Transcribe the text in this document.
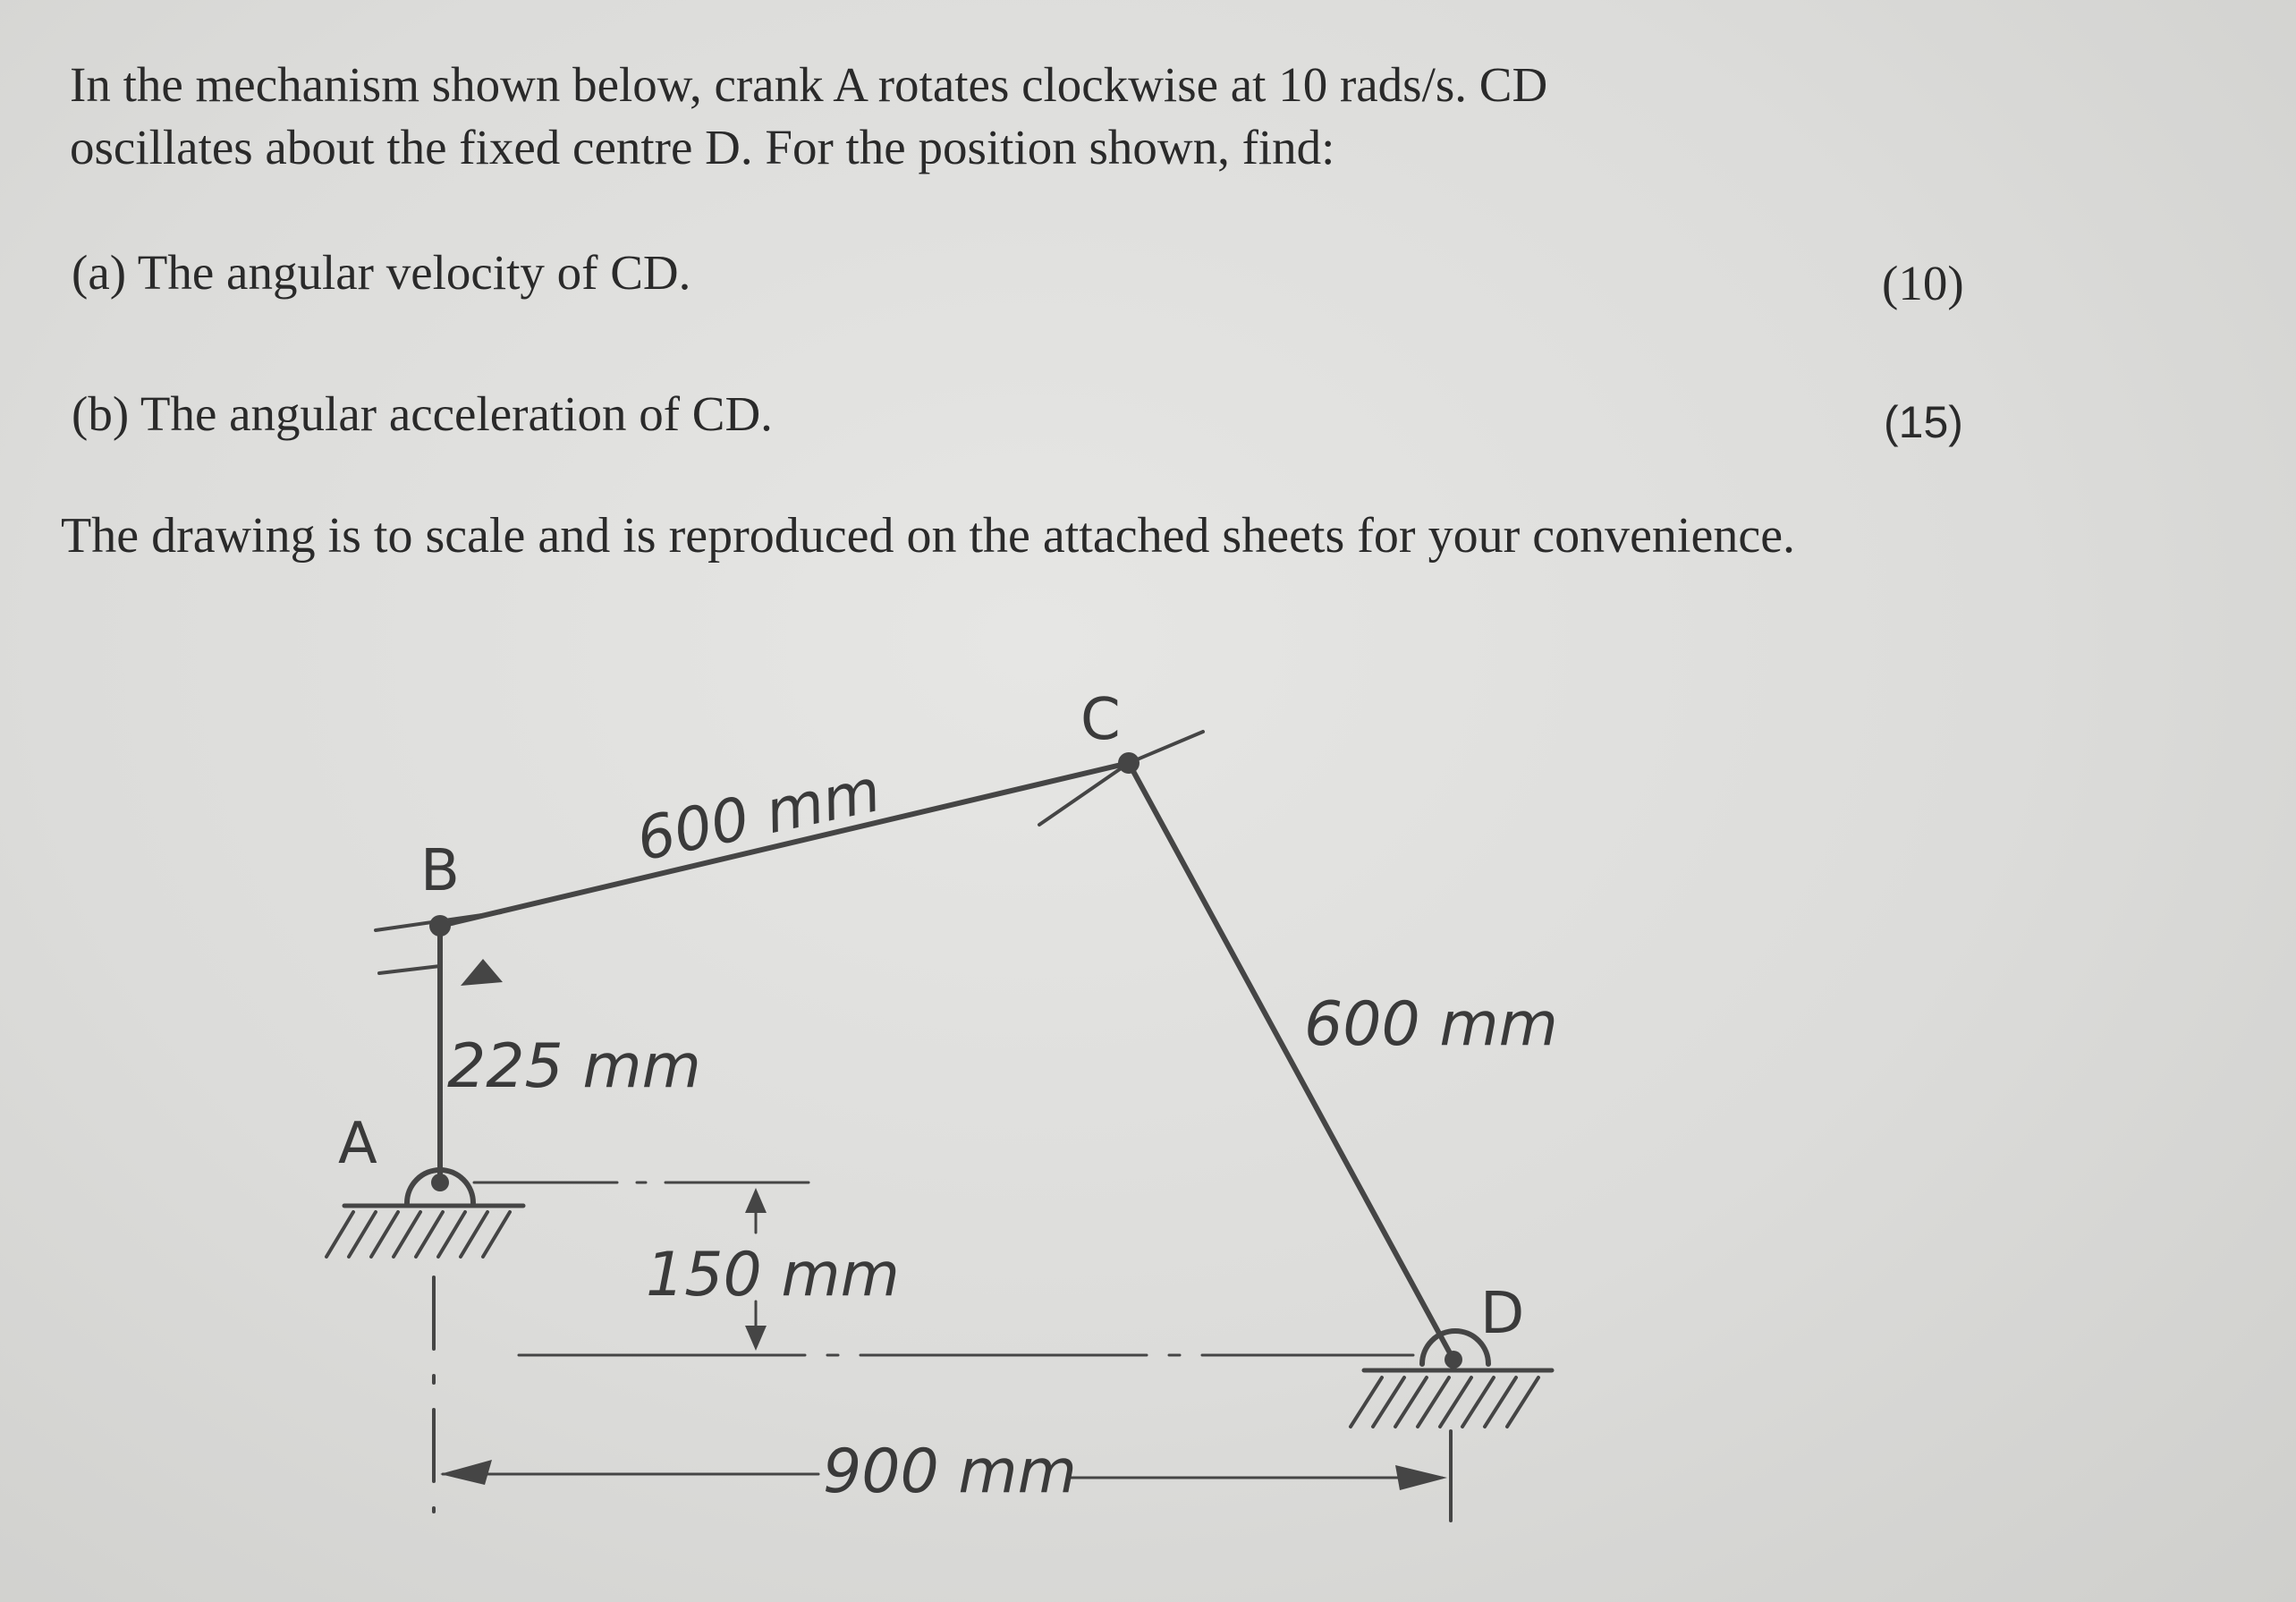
In the mechanism shown below, crank A rotates clockwise at 10 rads/s. CD
oscillates about the fixed centre D. For the position shown, find:
(a) The angular velocity of CD.	(10)
(b) The angular acceleration of CD.	(15)
The drawing is to scale and is reproduced on the attached sheets for your convenience.
A
B
C
D
600 mm
225 mm
600 mm
150 mm
900 mm
